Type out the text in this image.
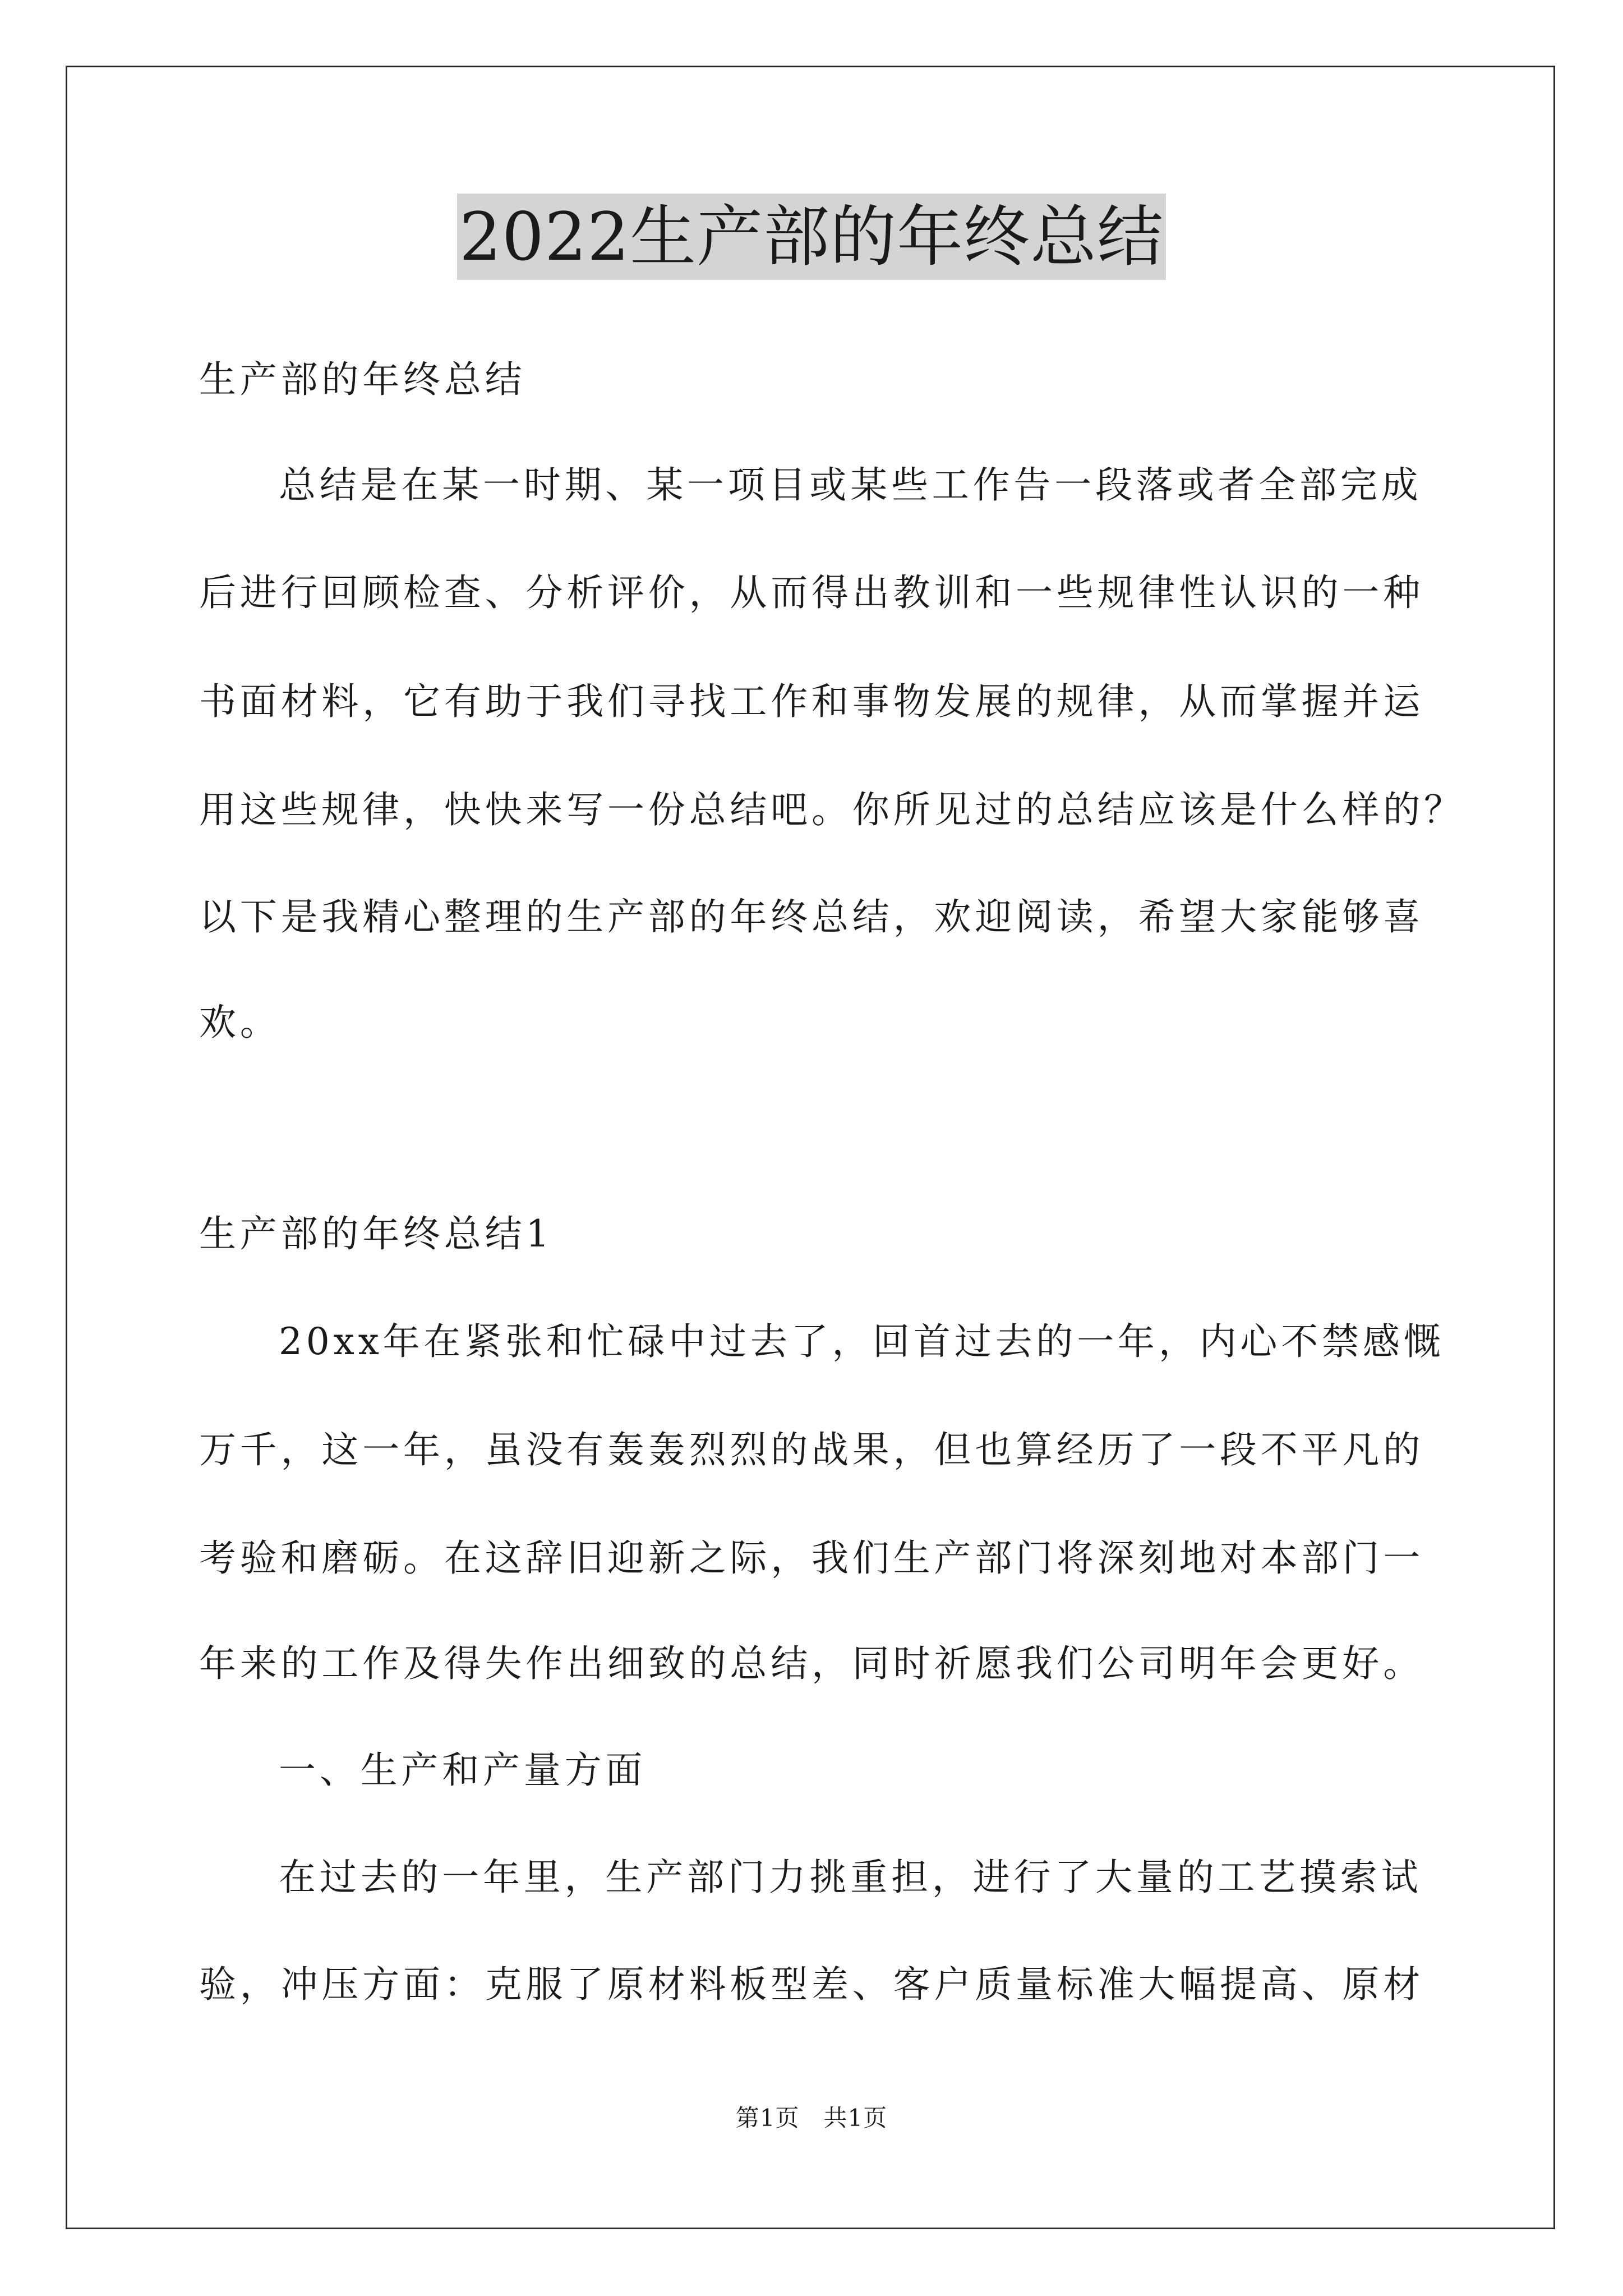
2022生产部的年终总结
生产部的年终总结
总结是在某一时期、某一项目或某些工作告一段落或者全部完成
后进行回顾检查、分析评价，从而得出教训和一些规律性认识的一种
书面材料，它有助于我们寻找工作和事物发展的规律，从而掌握并运
用这些规律，快快来写一份总结吧。你所见过的总结应该是什么样的？
以下是我精心整理的生产部的年终总结，欢迎阅读，希望大家能够喜
欢。
生产部的年终总结1
20xx年在紧张和忙碌中过去了，回首过去的一年，内心不禁感慨
万千，这一年，虽没有轰轰烈烈的战果，但也算经历了一段不平凡的
考验和磨砺。在这辞旧迎新之际，我们生产部门将深刻地对本部门一
年来的工作及得失作出细致的总结，同时祈愿我们公司明年会更好。
一、生产和产量方面
在过去的一年里，生产部门力挑重担，进行了大量的工艺摸索试
验，冲压方面：克服了原材料板型差、客户质量标准大幅提高、原材
第1页　共1页
